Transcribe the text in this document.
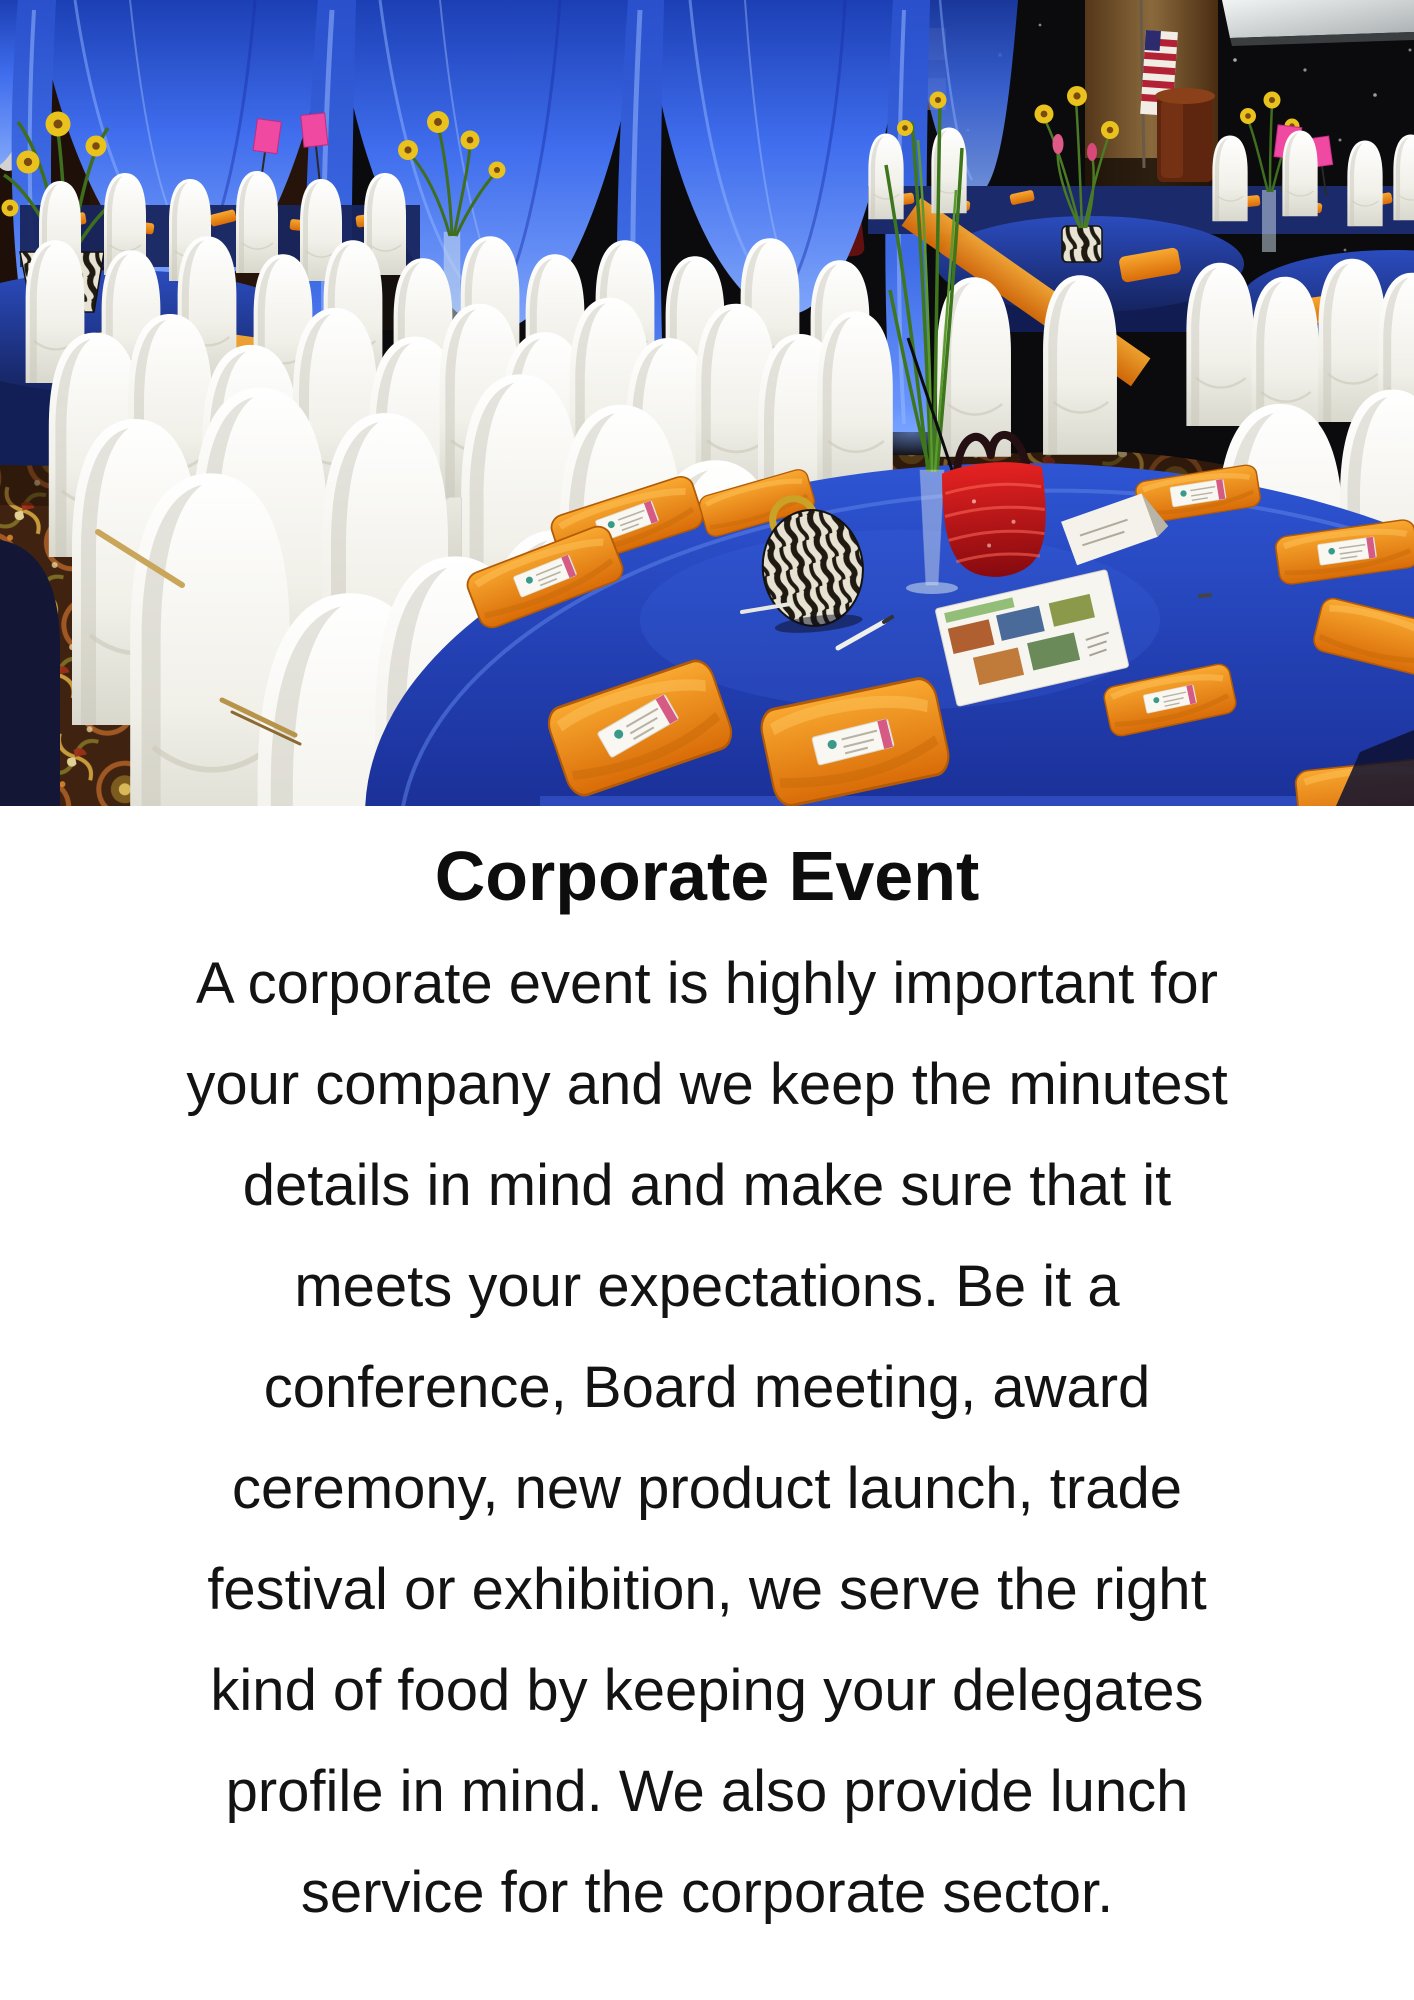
Corporate Event
A corporate event is highly important for
your company and we keep the minutest
details in mind and make sure that it
meets your expectations. Be it a
conference, Board meeting, award
ceremony, new product launch, trade
festival or exhibition, we serve the right
kind of food by keeping your delegates
profile in mind. We also provide lunch
service for the corporate sector.
